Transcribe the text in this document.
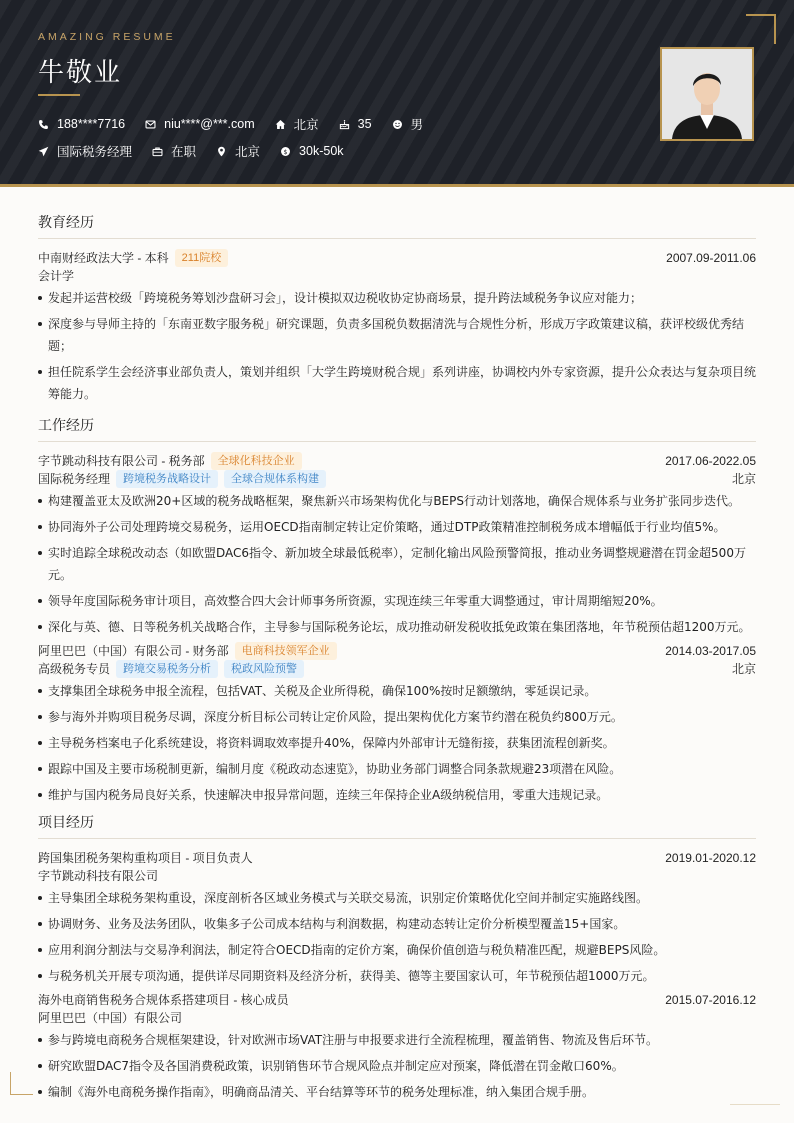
AMAZING RESUME
牛敬业
188****7716	niu****@***.com	北京	35	男
国际税务经理	在职	北京	$ 30k-50k
教育经历
中南财经政法大学 - 本科	211院校	2007.09-2011.06
会计学
发起并运营校级「跨境税务筹划沙盘研习会」，设计模拟双边税收协定协商场景，提升跨法域税务争议应对能力；
深度参与导师主持的「东南亚数字服务税」研究课题，负责多国税负数据清洗与合规性分析，形成万字政策建议稿，获评校级优秀结题；
担任院系学生会经济事业部负责人，策划并组织「大学生跨境财税合规」系列讲座，协调校内外专家资源，提升公众表达与复杂项目统筹能力。
工作经历
字节跳动科技有限公司 - 税务部	全球化科技企业	2017.06-2022.05
国际税务经理	跨境税务战略设计	全球合规体系构建	北京
构建覆盖亚太及欧洲20+区域的税务战略框架，聚焦新兴市场架构优化与BEPS行动计划落地，确保合规体系与业务扩张同步迭代。
协同海外子公司处理跨境交易税务，运用OECD指南制定转让定价策略，通过DTP政策精准控制税务成本增幅低于行业均值5%。
实时追踪全球税改动态（如欧盟DAC6指令、新加坡全球最低税率），定制化输出风险预警简报，推动业务调整规避潜在罚金超500万元。
领导年度国际税务审计项目，高效整合四大会计师事务所资源，实现连续三年零重大调整通过，审计周期缩短20%。
深化与英、德、日等税务机关战略合作，主导参与国际税务论坛，成功推动研发税收抵免政策在集团落地，年节税预估超1200万元。
阿里巴巴（中国）有限公司 - 财务部	电商科技领军企业	2014.03-2017.05
高级税务专员	跨境交易税务分析	税政风险预警	北京
支撑集团全球税务申报全流程，包括VAT、关税及企业所得税，确保100%按时足额缴纳，零延误记录。
参与海外并购项目税务尽调，深度分析目标公司转让定价风险，提出架构优化方案节约潜在税负约800万元。
主导税务档案电子化系统建设，将资料调取效率提升40%，保障内外部审计无缝衔接，获集团流程创新奖。
跟踪中国及主要市场税制更新，编制月度《税政动态速览》，协助业务部门调整合同条款规避23项潜在风险。
维护与国内税务局良好关系，快速解决申报异常问题，连续三年保持企业A级纳税信用，零重大违规记录。
项目经历
跨国集团税务架构重构项目 - 项目负责人	2019.01-2020.12
字节跳动科技有限公司
主导集团全球税务架构重设，深度剖析各区域业务模式与关联交易流，识别定价策略优化空间并制定实施路线图。
协调财务、业务及法务团队，收集多子公司成本结构与利润数据，构建动态转让定价分析模型覆盖15+国家。
应用利润分割法与交易净利润法，制定符合OECD指南的定价方案，确保价值创造与税负精准匹配，规避BEPS风险。
与税务机关开展专项沟通，提供详尽同期资料及经济分析，获得美、德等主要国家认可，年节税预估超1000万元。
海外电商销售税务合规体系搭建项目 - 核心成员	2015.07-2016.12
阿里巴巴（中国）有限公司
参与跨境电商税务合规框架建设，针对欧洲市场VAT注册与申报要求进行全流程梳理，覆盖销售、物流及售后环节。
研究欧盟DAC7指令及各国消费税政策，识别销售环节合规风险点并制定应对预案，降低潜在罚金敞口60%。
编制《海外电商税务操作指南》，明确商品清关、平台结算等环节的税务处理标准，纳入集团合规手册。
